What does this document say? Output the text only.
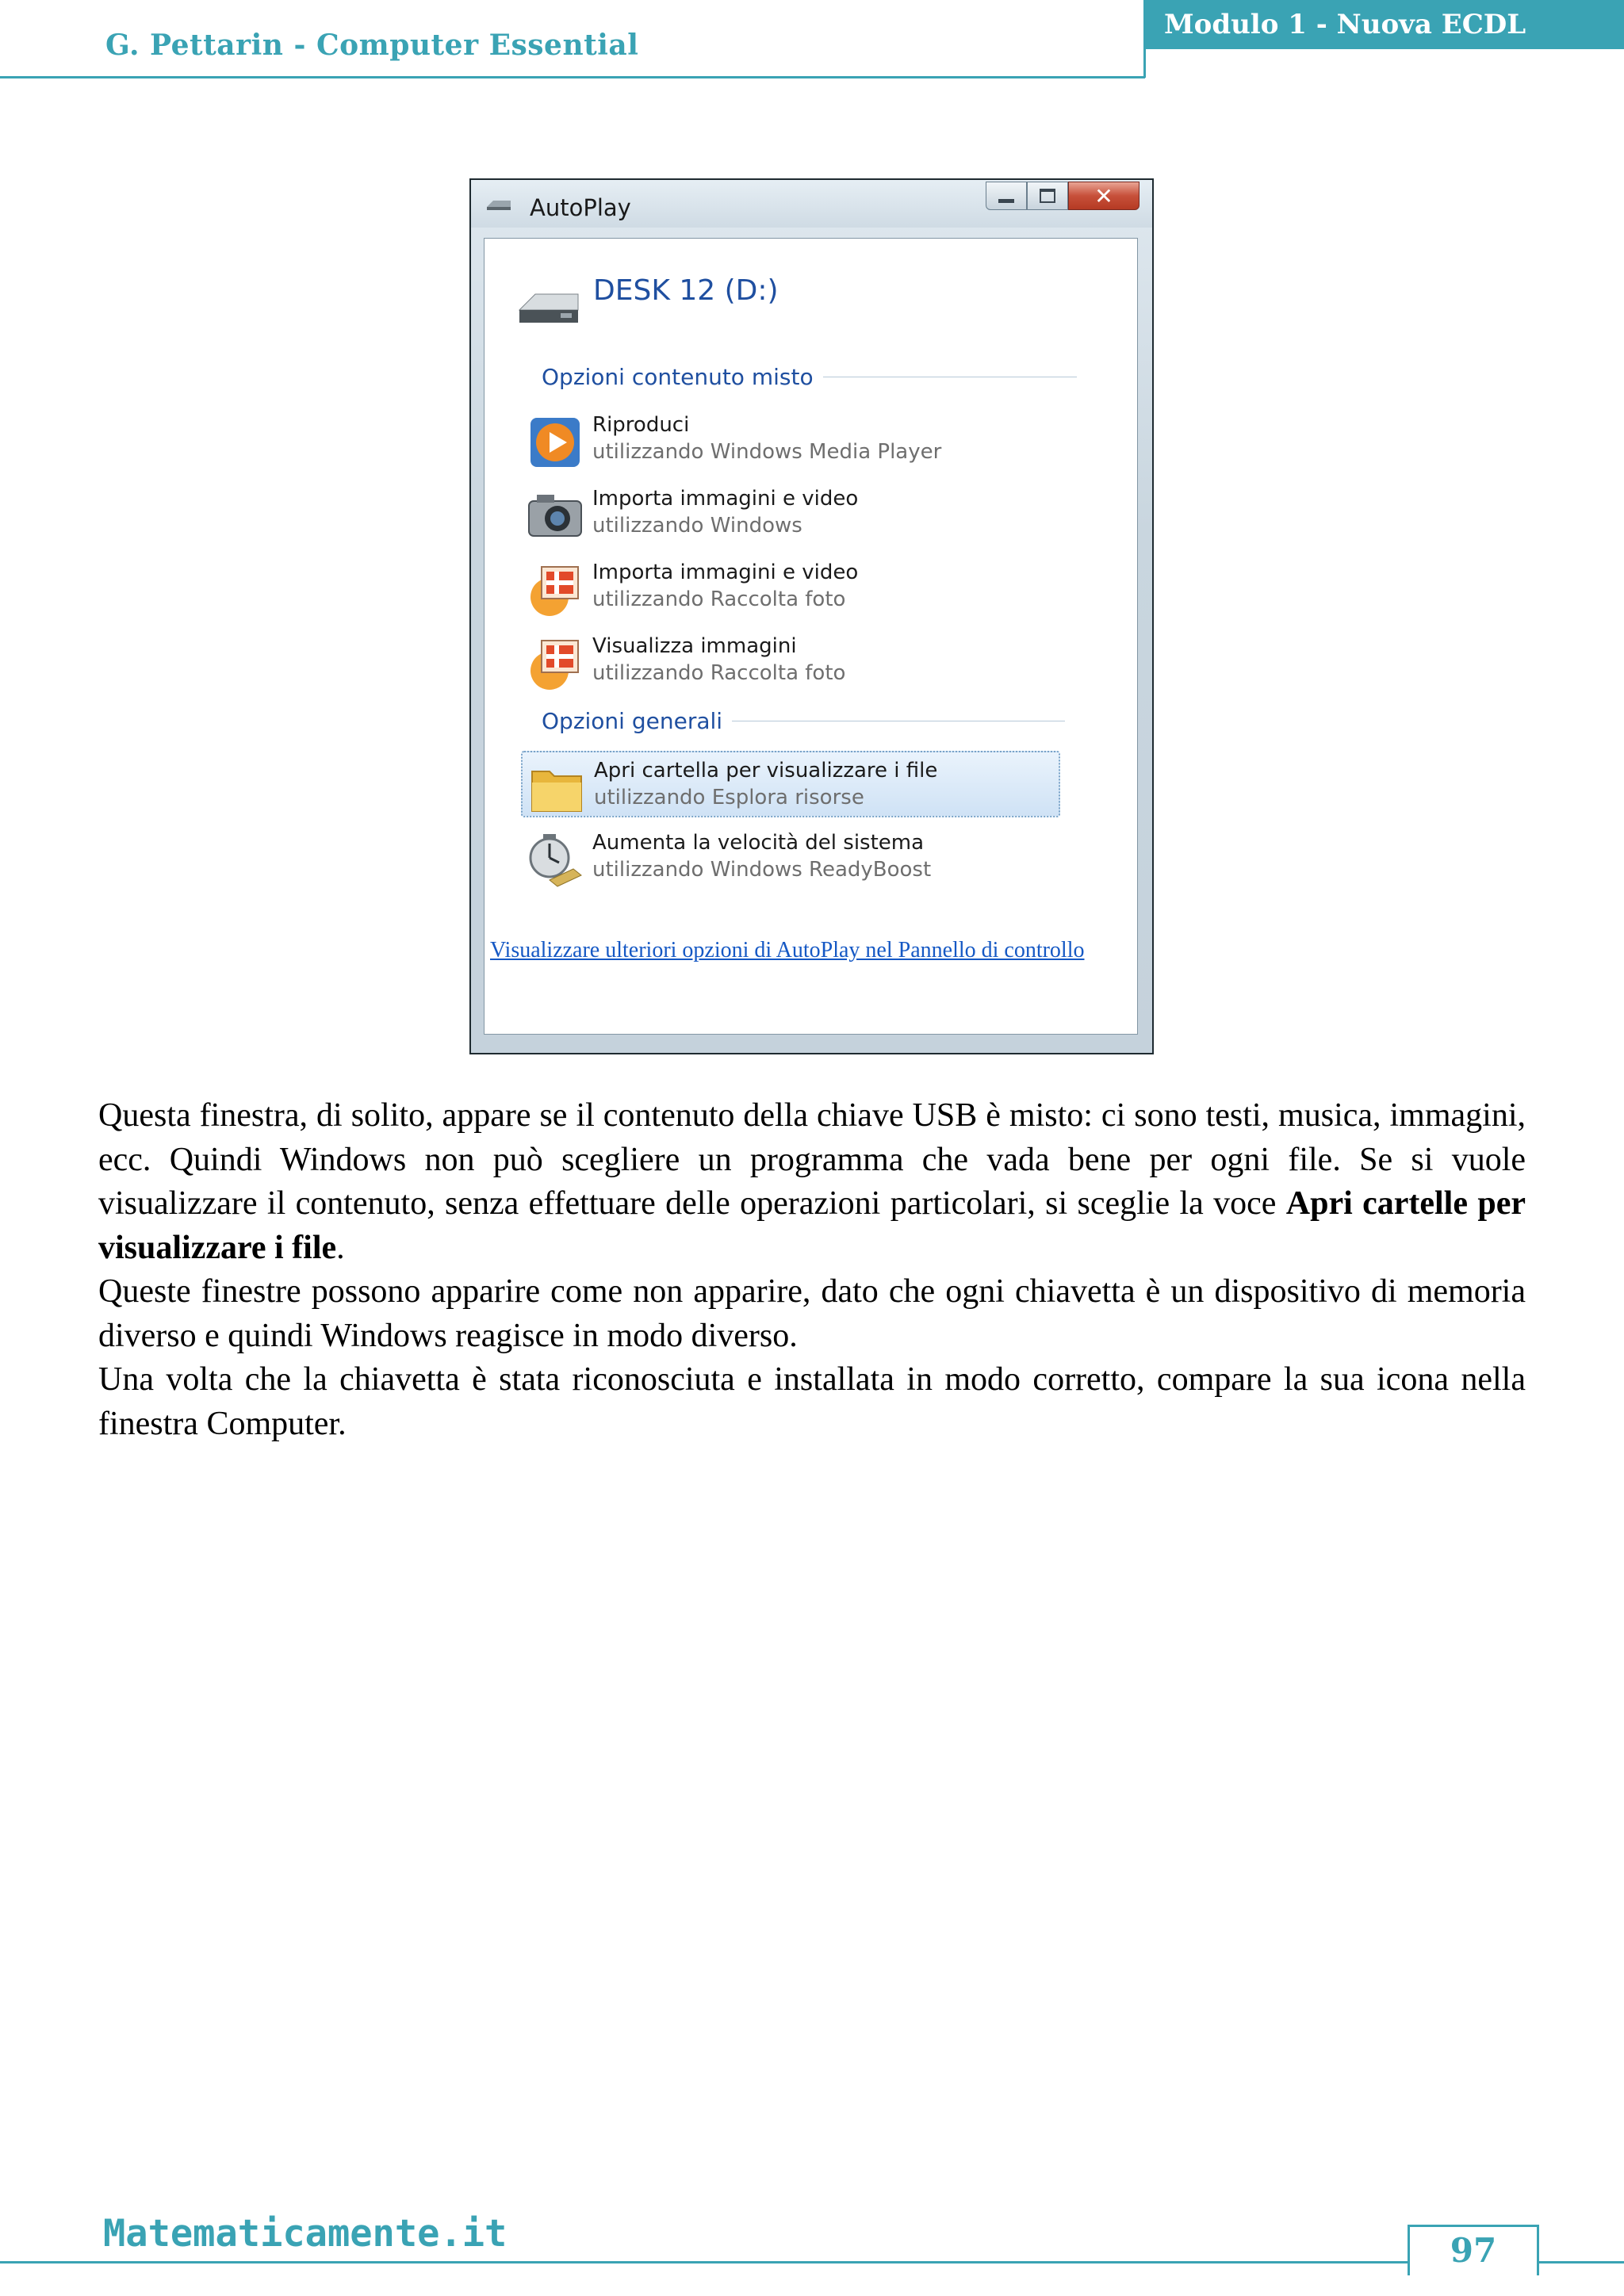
G. Pettarin - Computer Essential
Modulo 1 - Nuova ECDL
AutoPlay	✕
DESK 12 (D:)
Opzioni contenuto misto
Riproduci
utilizzando Windows Media Player
Importa immagini e video
utilizzando Windows
Importa immagini e video
utilizzando Raccolta foto
Visualizza immagini
utilizzando Raccolta foto
Opzioni generali
Apri cartella per visualizzare i file
utilizzando Esplora risorse
Aumenta la velocità del sistema
utilizzando Windows ReadyBoost
Visualizzare ulteriori opzioni di AutoPlay nel Pannello di controllo

Questa finestra, di solito, appare se il contenuto della chiave USB è misto: ci sono testi, musica, immagini, ecc. Quindi Windows non può scegliere un programma che vada bene per ogni file. Se si vuole visualizzare il contenuto, senza effettuare delle operazioni particolari, si sceglie la voce Apri cartelle per visualizzare i file.

Queste finestre possono apparire come non apparire, dato che ogni chiavetta è un dispositivo di memoria diverso e quindi Windows reagisce in modo diverso.

Una volta che la chiavetta è stata riconosciuta e installata in modo corretto, compare la sua icona nella finestra Computer.

Matematicamente.it	97
